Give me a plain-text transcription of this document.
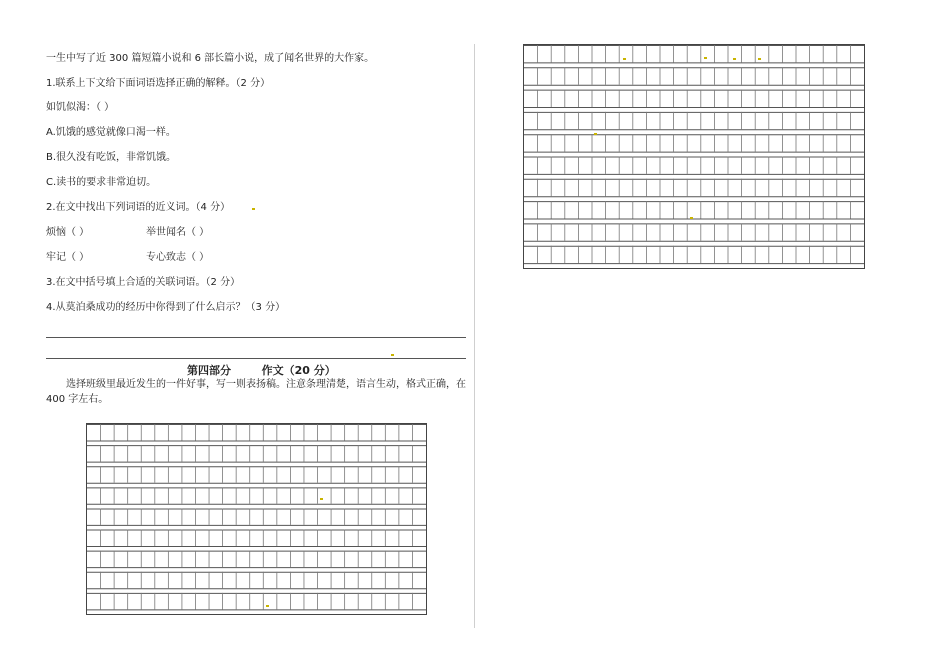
一生中写了近 300 篇短篇小说和 6 部长篇小说，成了闻名世界的大作家。
1.联系上下文给下面词语选择正确的解释。（2 分）
如饥似渴：（ ）
A.饥饿的感觉就像口渴一样。
B.很久没有吃饭，非常饥饿。
C.读书的要求非常迫切。
2.在文中找出下列词语的近义词。（4 分）
烦恼（ ）	举世闻名（ ）
牢记（ ）	专心致志（ ）
3.在文中括号填上合适的关联词语。（2 分）
4.从莫泊桑成功的经历中你得到了什么启示？（3 分）
第四部分        作文（20 分）
选择班级里最近发生的一件好事，写一则表扬稿。注意条理清楚，语言生动，格式正确，在 400 字左右。
